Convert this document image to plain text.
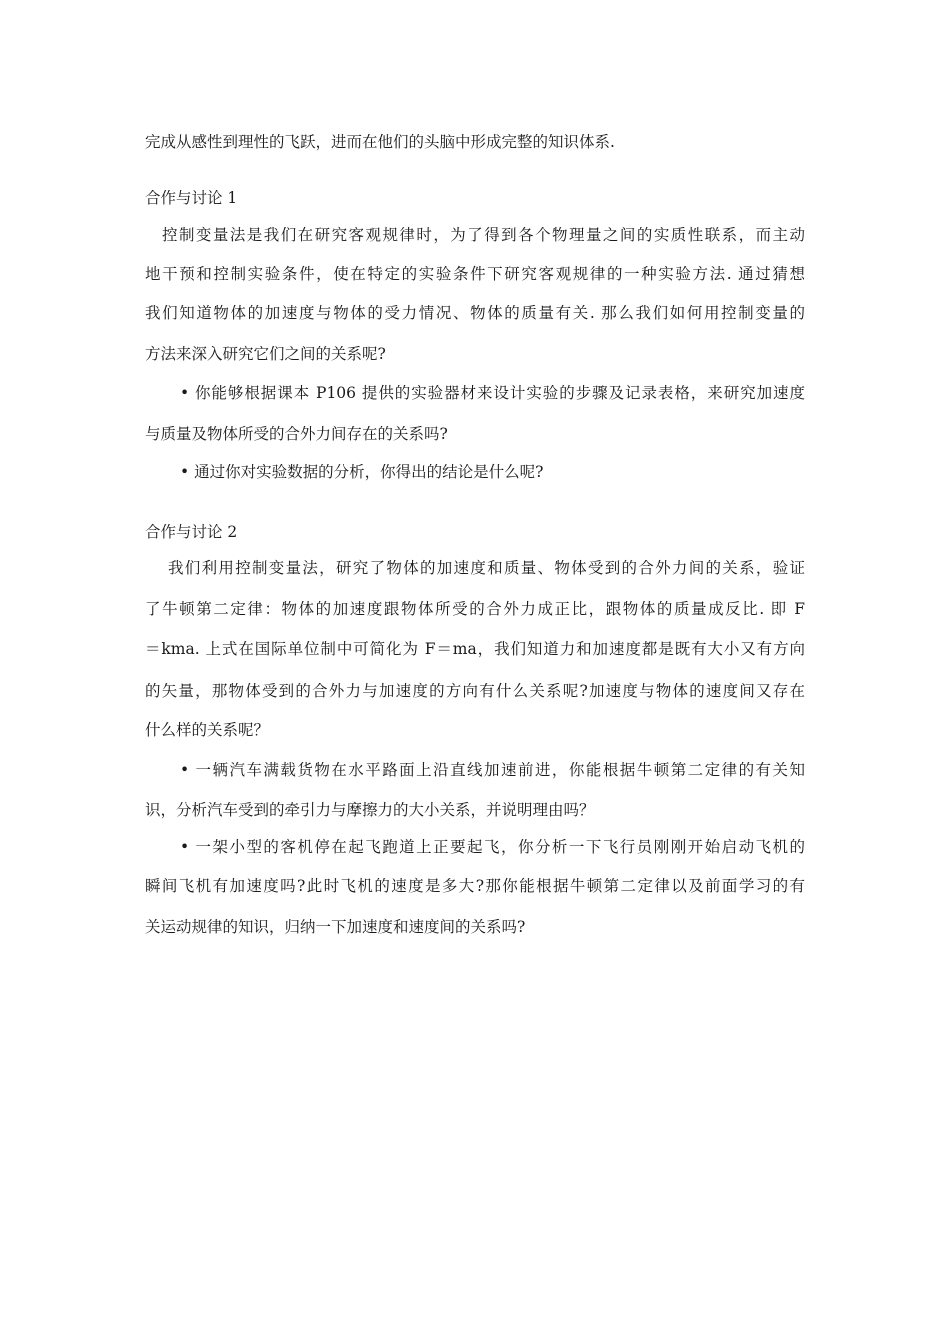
完成从感性到理性的飞跃，进而在他们的头脑中形成完整的知识体系.
合作与讨论 1
控制变量法是我们在研究客观规律时，为了得到各个物理量之间的实质性联系，而主动
地干预和控制实验条件，使在特定的实验条件下研究客观规律的一种实验方法. 通过猜想
我们知道物体的加速度与物体的受力情况、物体的质量有关. 那么我们如何用控制变量的
方法来深入研究它们之间的关系呢?
• 你能够根据课本 P106 提供的实验器材来设计实验的步骤及记录表格，来研究加速度
与质量及物体所受的合外力间存在的关系吗?
• 通过你对实验数据的分析，你得出的结论是什么呢?
合作与讨论 2
我们利用控制变量法，研究了物体的加速度和质量、物体受到的合外力间的关系，验证
了牛顿第二定律：物体的加速度跟物体所受的合外力成正比，跟物体的质量成反比. 即 F
＝kma. 上式在国际单位制中可简化为 F＝ma，我们知道力和加速度都是既有大小又有方向
的矢量，那物体受到的合外力与加速度的方向有什么关系呢?加速度与物体的速度间又存在
什么样的关系呢？
• 一辆汽车满载货物在水平路面上沿直线加速前进，你能根据牛顿第二定律的有关知
识，分析汽车受到的牵引力与摩擦力的大小关系，并说明理由吗？
• 一架小型的客机停在起飞跑道上正要起飞，你分析一下飞行员刚刚开始启动飞机的
瞬间飞机有加速度吗?此时飞机的速度是多大?那你能根据牛顿第二定律以及前面学习的有
关运动规律的知识，归纳一下加速度和速度间的关系吗?
